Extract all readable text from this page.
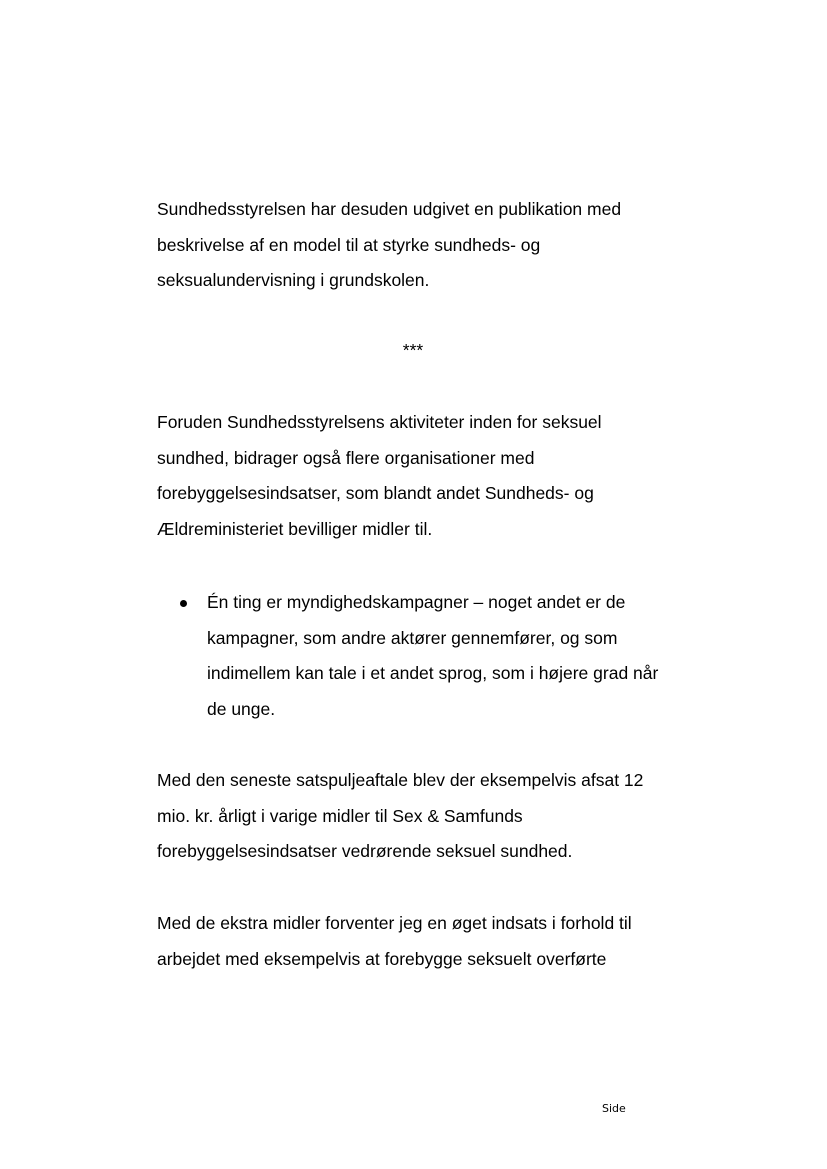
Sundhedsstyrelsen har desuden udgivet en publikation med
beskrivelse af en model til at styrke sundheds- og
seksualundervisning i grundskolen.
***
Foruden Sundhedsstyrelsens aktiviteter inden for seksuel
sundhed, bidrager også flere organisationer med
forebyggelsesindsatser, som blandt andet Sundheds- og
Ældreministeriet bevilliger midler til.
Én ting er myndighedskampagner – noget andet er de
kampagner, som andre aktører gennemfører, og som
indimellem kan tale i et andet sprog, som i højere grad når
de unge.
Med den seneste satspuljeaftale blev der eksempelvis afsat 12
mio. kr. årligt i varige midler til Sex & Samfunds
forebyggelsesindsatser vedrørende seksuel sundhed.
Med de ekstra midler forventer jeg en øget indsats i forhold til
arbejdet med eksempelvis at forebygge seksuelt overførte
Side
